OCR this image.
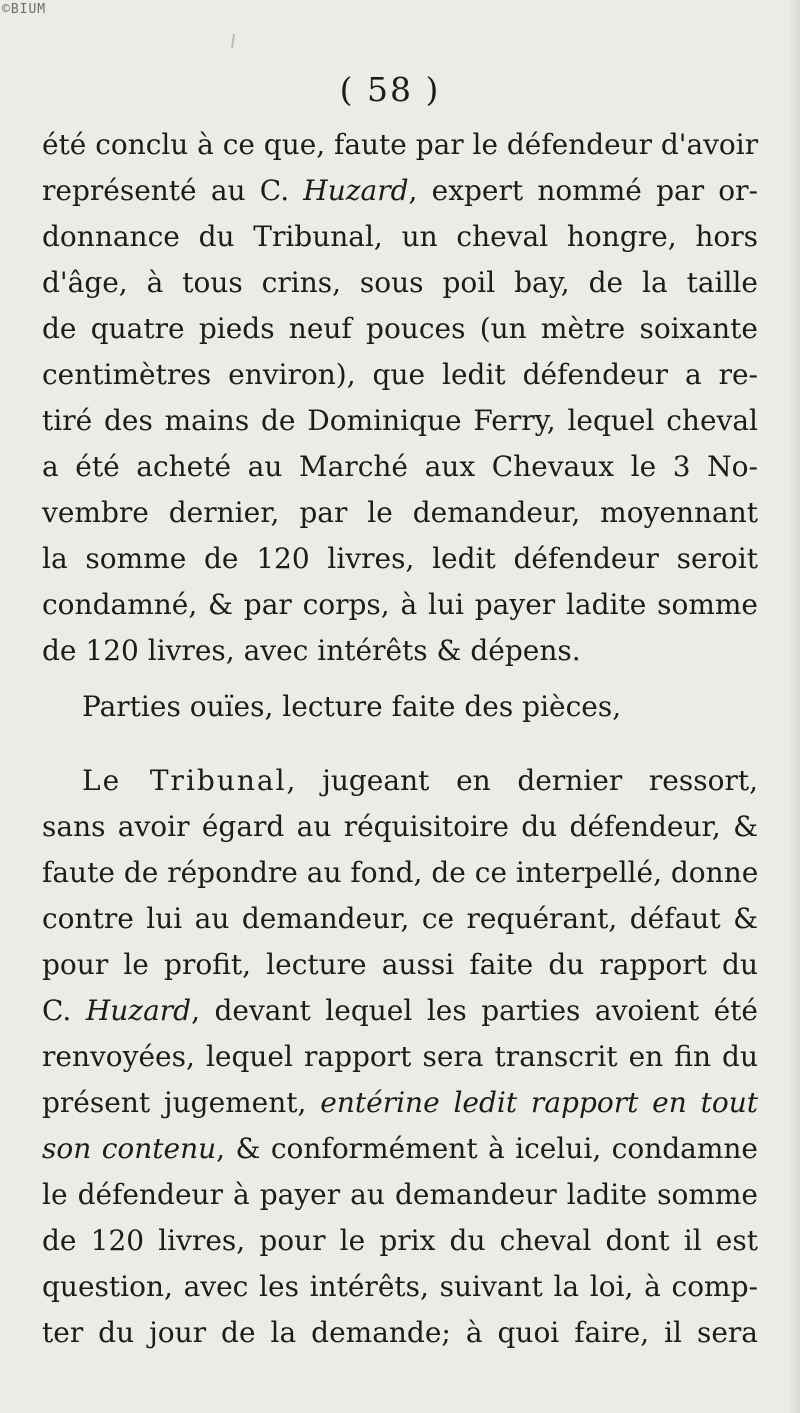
©BIUM
( 58 )
été conclu à ce que, faute par le défendeur d'avoir
représenté au C. Huzard, expert nommé par or-
donnance du Tribunal, un cheval hongre, hors
d'âge, à tous crins, sous poil bay, de la taille
de quatre pieds neuf pouces (un mètre soixante
centimètres environ), que ledit défendeur a re-
tiré des mains de Dominique Ferry, lequel cheval
a été acheté au Marché aux Chevaux le 3 No-
vembre dernier, par le demandeur, moyennant
la somme de 120 livres, ledit défendeur seroit
condamné, & par corps, à lui payer ladite somme
de 120 livres, avec intérêts & dépens.
Parties ouïes, lecture faite des pièces,
Le Tribunal, jugeant en dernier ressort,
sans avoir égard au réquisitoire du défendeur, &
faute de répondre au fond, de ce interpellé, donne
contre lui au demandeur, ce requérant, défaut &
pour le profit, lecture aussi faite du rapport du
C. Huzard, devant lequel les parties avoient été
renvoyées, lequel rapport sera transcrit en fin du
présent jugement, entérine ledit rapport en tout
son contenu, & conformément à icelui, condamne
le défendeur à payer au demandeur ladite somme
de 120 livres, pour le prix du cheval dont il est
question, avec les intérêts, suivant la loi, à comp-
ter du jour de la demande; à quoi faire, il sera
